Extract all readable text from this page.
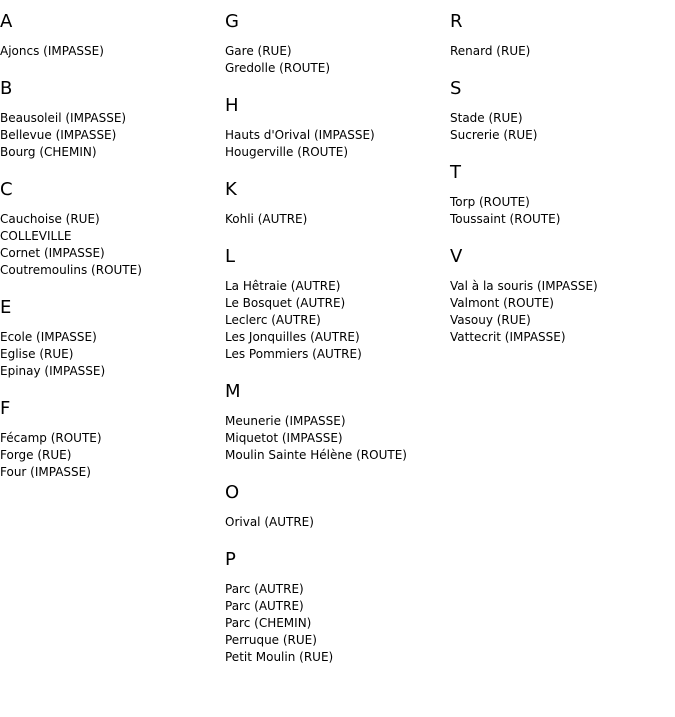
A
Ajoncs (IMPASSE)
B
Beausoleil (IMPASSE)
Bellevue (IMPASSE)
Bourg (CHEMIN)
C
Cauchoise (RUE)
COLLEVILLE
Cornet (IMPASSE)
Coutremoulins (ROUTE)
E
Ecole (IMPASSE)
Eglise (RUE)
Epinay (IMPASSE)
F
Fécamp (ROUTE)
Forge (RUE)
Four (IMPASSE)
G
Gare (RUE)
Gredolle (ROUTE)
H
Hauts d'Orival (IMPASSE)
Hougerville (ROUTE)
K
Kohli (AUTRE)
L
La Hêtraie (AUTRE)
Le Bosquet (AUTRE)
Leclerc (AUTRE)
Les Jonquilles (AUTRE)
Les Pommiers (AUTRE)
M
Meunerie (IMPASSE)
Miquetot (IMPASSE)
Moulin Sainte Hélène (ROUTE)
O
Orival (AUTRE)
P
Parc (AUTRE)
Parc (AUTRE)
Parc (CHEMIN)
Perruque (RUE)
Petit Moulin (RUE)
R
Renard (RUE)
S
Stade (RUE)
Sucrerie (RUE)
T
Torp (ROUTE)
Toussaint (ROUTE)
V
Val à la souris (IMPASSE)
Valmont (ROUTE)
Vasouy (RUE)
Vattecrit (IMPASSE)
